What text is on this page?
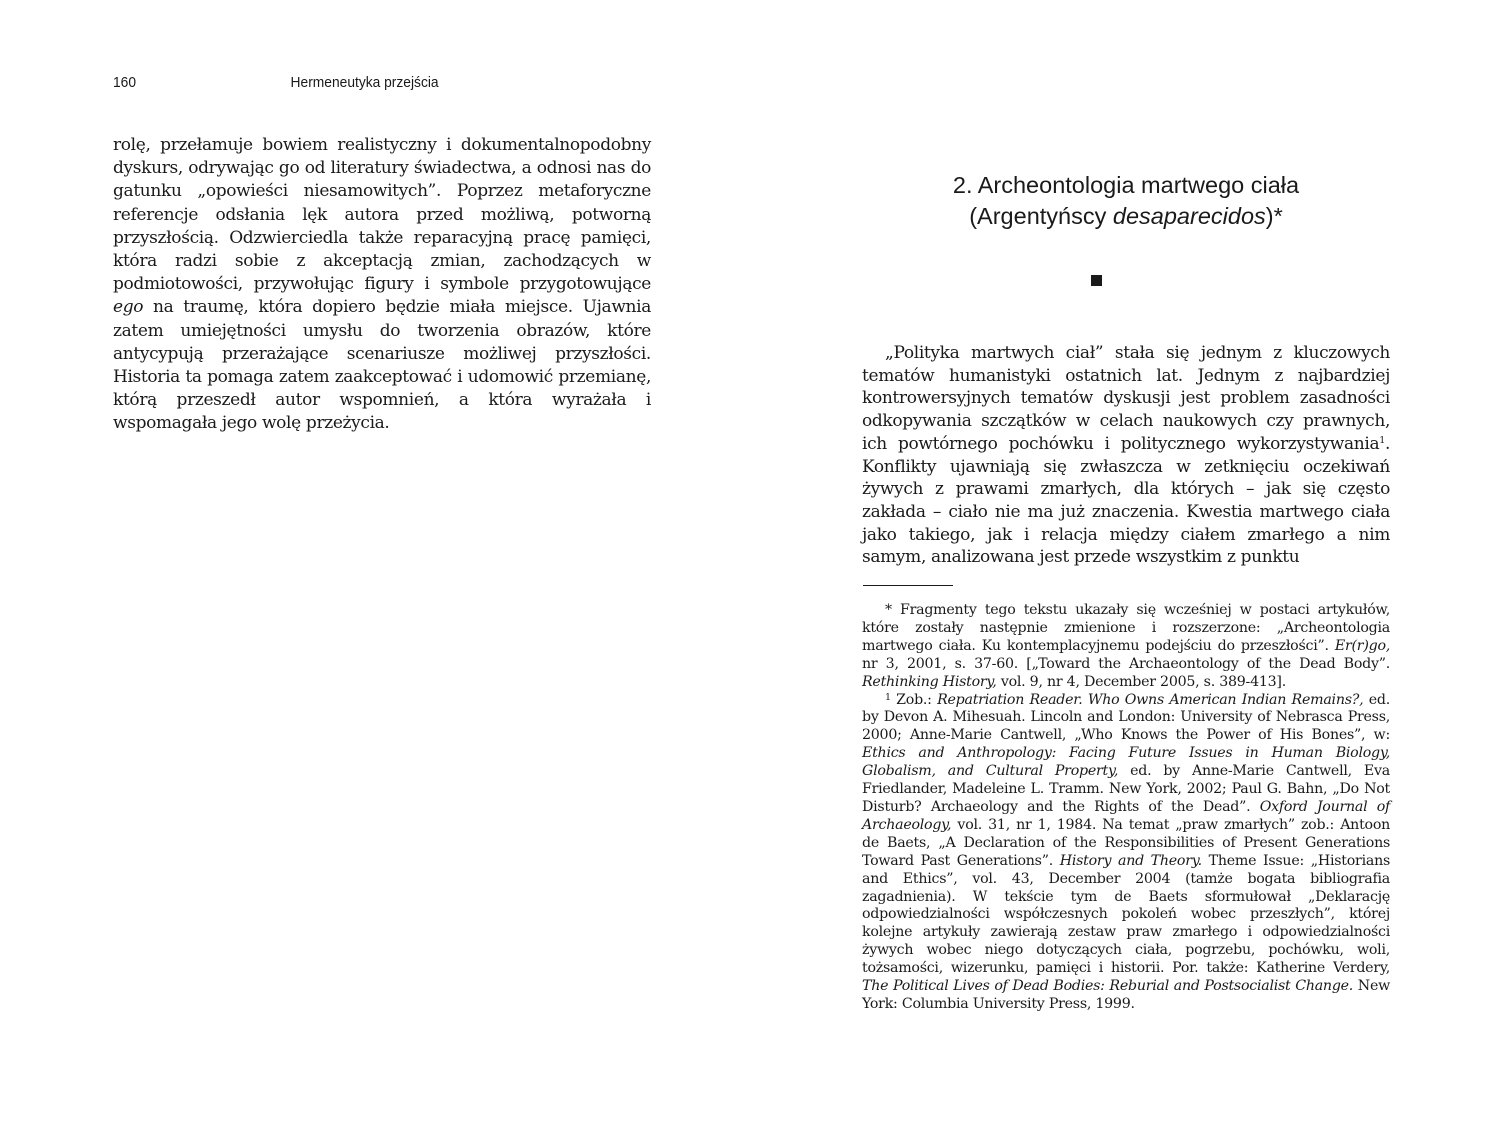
160	Hermeneutyka przejścia

rolę, przełamuje bowiem realistyczny i dokumentalnopodobny dyskurs, odrywając go od literatury świadectwa, a odnosi nas do gatunku „opowieści niesamowitych”. Poprzez metaforyczne referencje odsłania lęk autora przed możliwą, potworną przyszłością. Odzwierciedla także reparacyjną pracę pamięci, która radzi sobie z akceptacją zmian, zachodzących w podmiotowości, przywołując figury i symbole przygotowujące ego na traumę, która dopiero będzie miała miejsce. Ujawnia zatem umiejętności umysłu do tworzenia obrazów, które antycypują przerażające scenariusze możliwej przyszłości. Historia ta pomaga zatem zaakceptować i udomowić przemianę, którą przeszedł autor wspomnień, a która wyrażała i wspomagała jego wolę przeżycia.

2. Archeontologia martwego ciała
(Argentyńscy desaparecidos)*

„Polityka martwych ciał” stała się jednym z kluczowych tematów humanistyki ostatnich lat. Jednym z najbardziej kontrowersyjnych tematów dyskusji jest problem zasadności odkopywania szczątków w celach naukowych czy prawnych, ich powtórnego pochówku i politycznego wykorzystywania$^1$. Konflikty ujawniają się zwłaszcza w zetknięciu oczekiwań żywych z prawami zmarłych, dla których – jak się często zakłada – ciało nie ma już znaczenia. Kwestia martwego ciała jako takiego, jak i relacja między ciałem zmarłego a nim samym, analizowana jest przede wszystkim z punktu

* Fragmenty tego tekstu ukazały się wcześniej w postaci artykułów, które zostały następnie zmienione i rozszerzone: „Archeontologia martwego ciała. Ku kontemplacyjnemu podejściu do przeszłości”. Er(r)go, nr 3, 2001, s. 37-60. [„Toward the Archaeontology of the Dead Body”. Rethinking History, vol. 9, nr 4, December 2005, s. 389-413].

$^1$ Zob.: Repatriation Reader. Who Owns American Indian Remains?, ed. by Devon A. Mihesuah. Lincoln and London: University of Nebrasca Press, 2000; Anne-Marie Cantwell, „Who Knows the Power of His Bones”, w: Ethics and Anthropology: Facing Future Issues in Human Biology, Globalism, and Cultural Property, ed. by Anne-Marie Cantwell, Eva Friedlander, Madeleine L. Tramm. New York, 2002; Paul G. Bahn, „Do Not Disturb? Archaeology and the Rights of the Dead”. Oxford Journal of Archaeology, vol. 31, nr 1, 1984. Na temat „praw zmarłych” zob.: Antoon de Baets, „A Declaration of the Responsibilities of Present Generations Toward Past Generations”. History and Theory. Theme Issue: „Historians and Ethics”, vol. 43, December 2004 (tamże bogata bibliografia zagadnienia). W tekście tym de Baets sformułował „Deklarację odpowiedzialności współczesnych pokoleń wobec przeszłych”, której kolejne artykuły zawierają zestaw praw zmarłego i odpowiedzialności żywych wobec niego dotyczących ciała, pogrzebu, pochówku, woli, tożsamości, wizerunku, pamięci i historii. Por. także: Katherine Verdery, The Political Lives of Dead Bodies: Reburial and Postsocialist Change. New York: Columbia University Press, 1999.
